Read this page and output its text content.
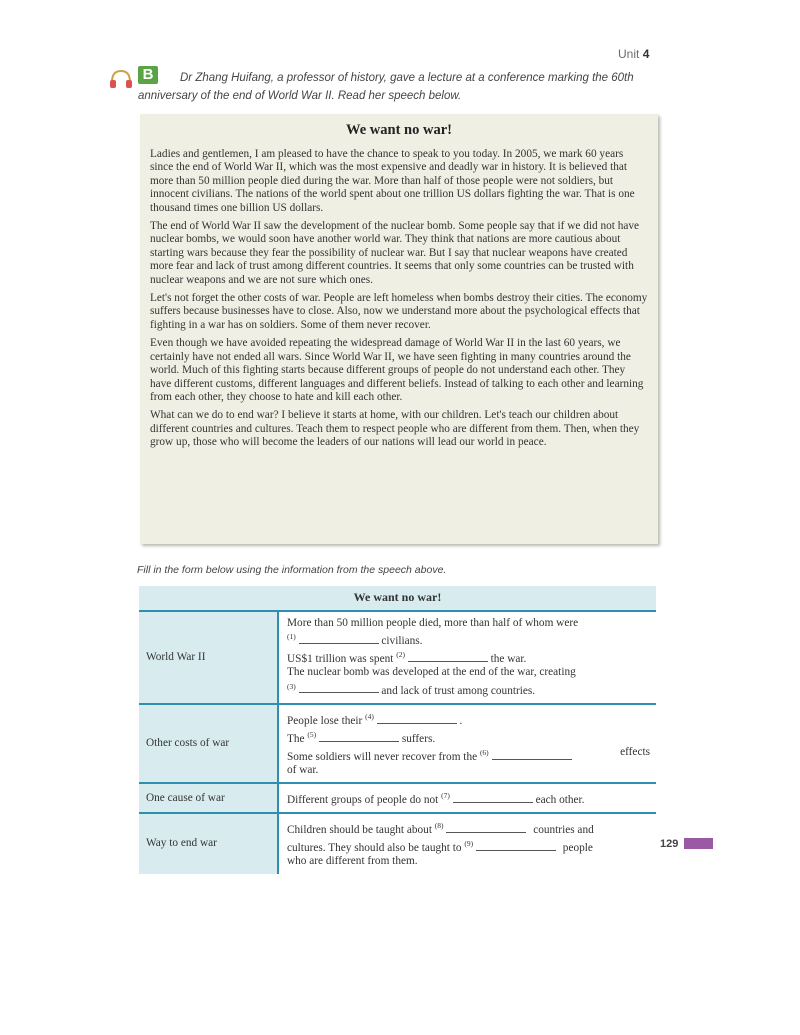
Unit 4
B	Dr Zhang Huifang, a professor of history, gave a lecture at a conference marking the 60th
anniversary of the end of World War II. Read her speech below.
We want no war!

Ladies and gentlemen, I am pleased to have the chance to speak to you today. In 2005, we mark 60 years since the end of World War II, which was the most expensive and deadly war in history. It is believed that more than 50 million people died during the war. More than half of those people were not soldiers, but innocent civilians. The nations of the world spent about one trillion US dollars fighting the war. That is one thousand times one billion US dollars.

The end of World War II saw the development of the nuclear bomb. Some people say that if we did not have nuclear bombs, we would soon have another world war. They think that nations are more cautious about starting wars because they fear the possibility of nuclear war. But I say that nuclear weapons have created more fear and lack of trust among different countries. It seems that only some countries can be trusted with nuclear weapons and we are not sure which ones.

Let's not forget the other costs of war. People are left homeless when bombs destroy their cities. The economy suffers because businesses have to close. Also, now we understand more about the psychological effects that fighting in a war has on soldiers. Some of them never recover.

Even though we have avoided repeating the widespread damage of World War II in the last 60 years, we certainly have not ended all wars. Since World War II, we have seen fighting in many countries around the world. Much of this fighting starts because different groups of people do not understand each other. They have different customs, different languages and different beliefs. Instead of talking to each other and learning from each other, they choose to hate and kill each other.

What can we do to end war? I believe it starts at home, with our children. Let's teach our children about different countries and cultures. Teach them to respect people who are different from them. Then, when they grow up, those who will become the leaders of our nations will lead our world in peace.

Fill in the form below using the information from the speech above.
We want no war!	
World War II	More than 50 million people died, more than half of whom were
$^{(1)}$ civilians.
US$1 trillion was spent $^{(2)}$ the war.
The nuclear bomb was developed at the end of the war, creating
$^{(3)}$ and lack of trust among countries.

Other costs of war	People lose their $^{(4)}$ .
The $^{(5)}$ suffers.
Some soldiers will never recover from the $^{(6)}$ effects
of war.

One cause of war	Different groups of people do not $^{(7)}$ each other.

Way to end war	Children should be taught about $^{(8)}$ countries and
cultures. They should also be taught to $^{(9)}$ people
who are different from them.
129
